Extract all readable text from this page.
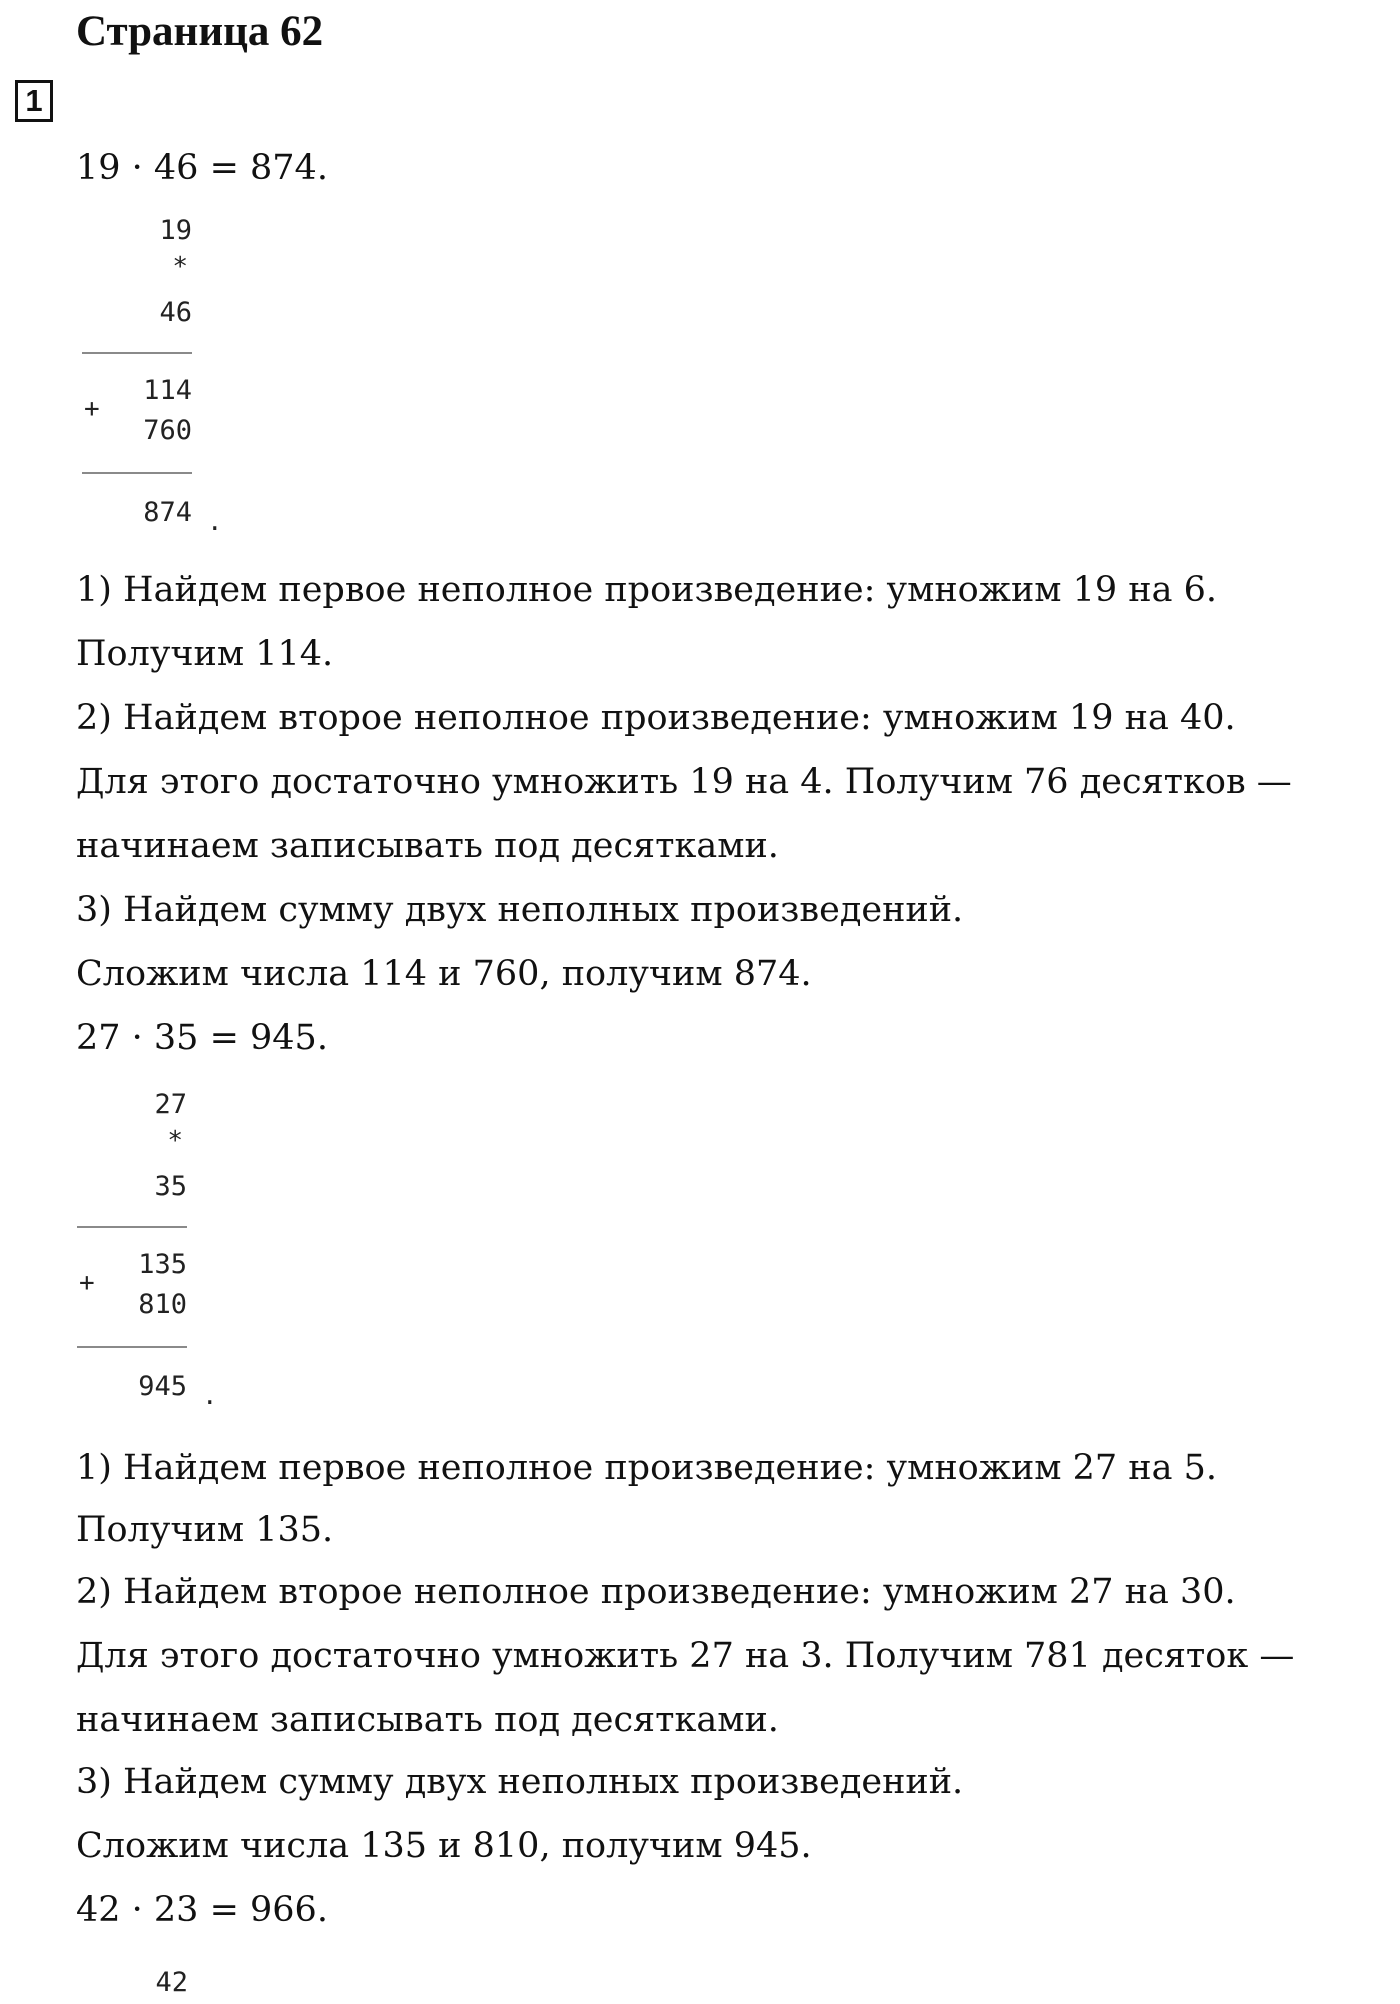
Страница 62
1

19 · 46 = 874.

19
*
46
+
114
760
874 .

1) Найдем первое неполное произведение: умножим 19 на 6.

Получим 114.

2) Найдем второе неполное произведение: умножим 19 на 40.

Для этого достаточно умножить 19 на 4. Получим 76 десятков —

начинаем записывать под десятками.

3) Найдем сумму двух неполных произведений.

Сложим числа 114 и 760, получим 874.

27 · 35 = 945.

27
*
35
+
135
810
945 .

1) Найдем первое неполное произведение: умножим 27 на 5.

Получим 135.

2) Найдем второе неполное произведение: умножим 27 на 30.

Для этого достаточно умножить 27 на 3. Получим 781 десяток —

начинаем записывать под десятками.

3) Найдем сумму двух неполных произведений.

Сложим числа 135 и 810, получим 945.

42 · 23 = 966.

42
